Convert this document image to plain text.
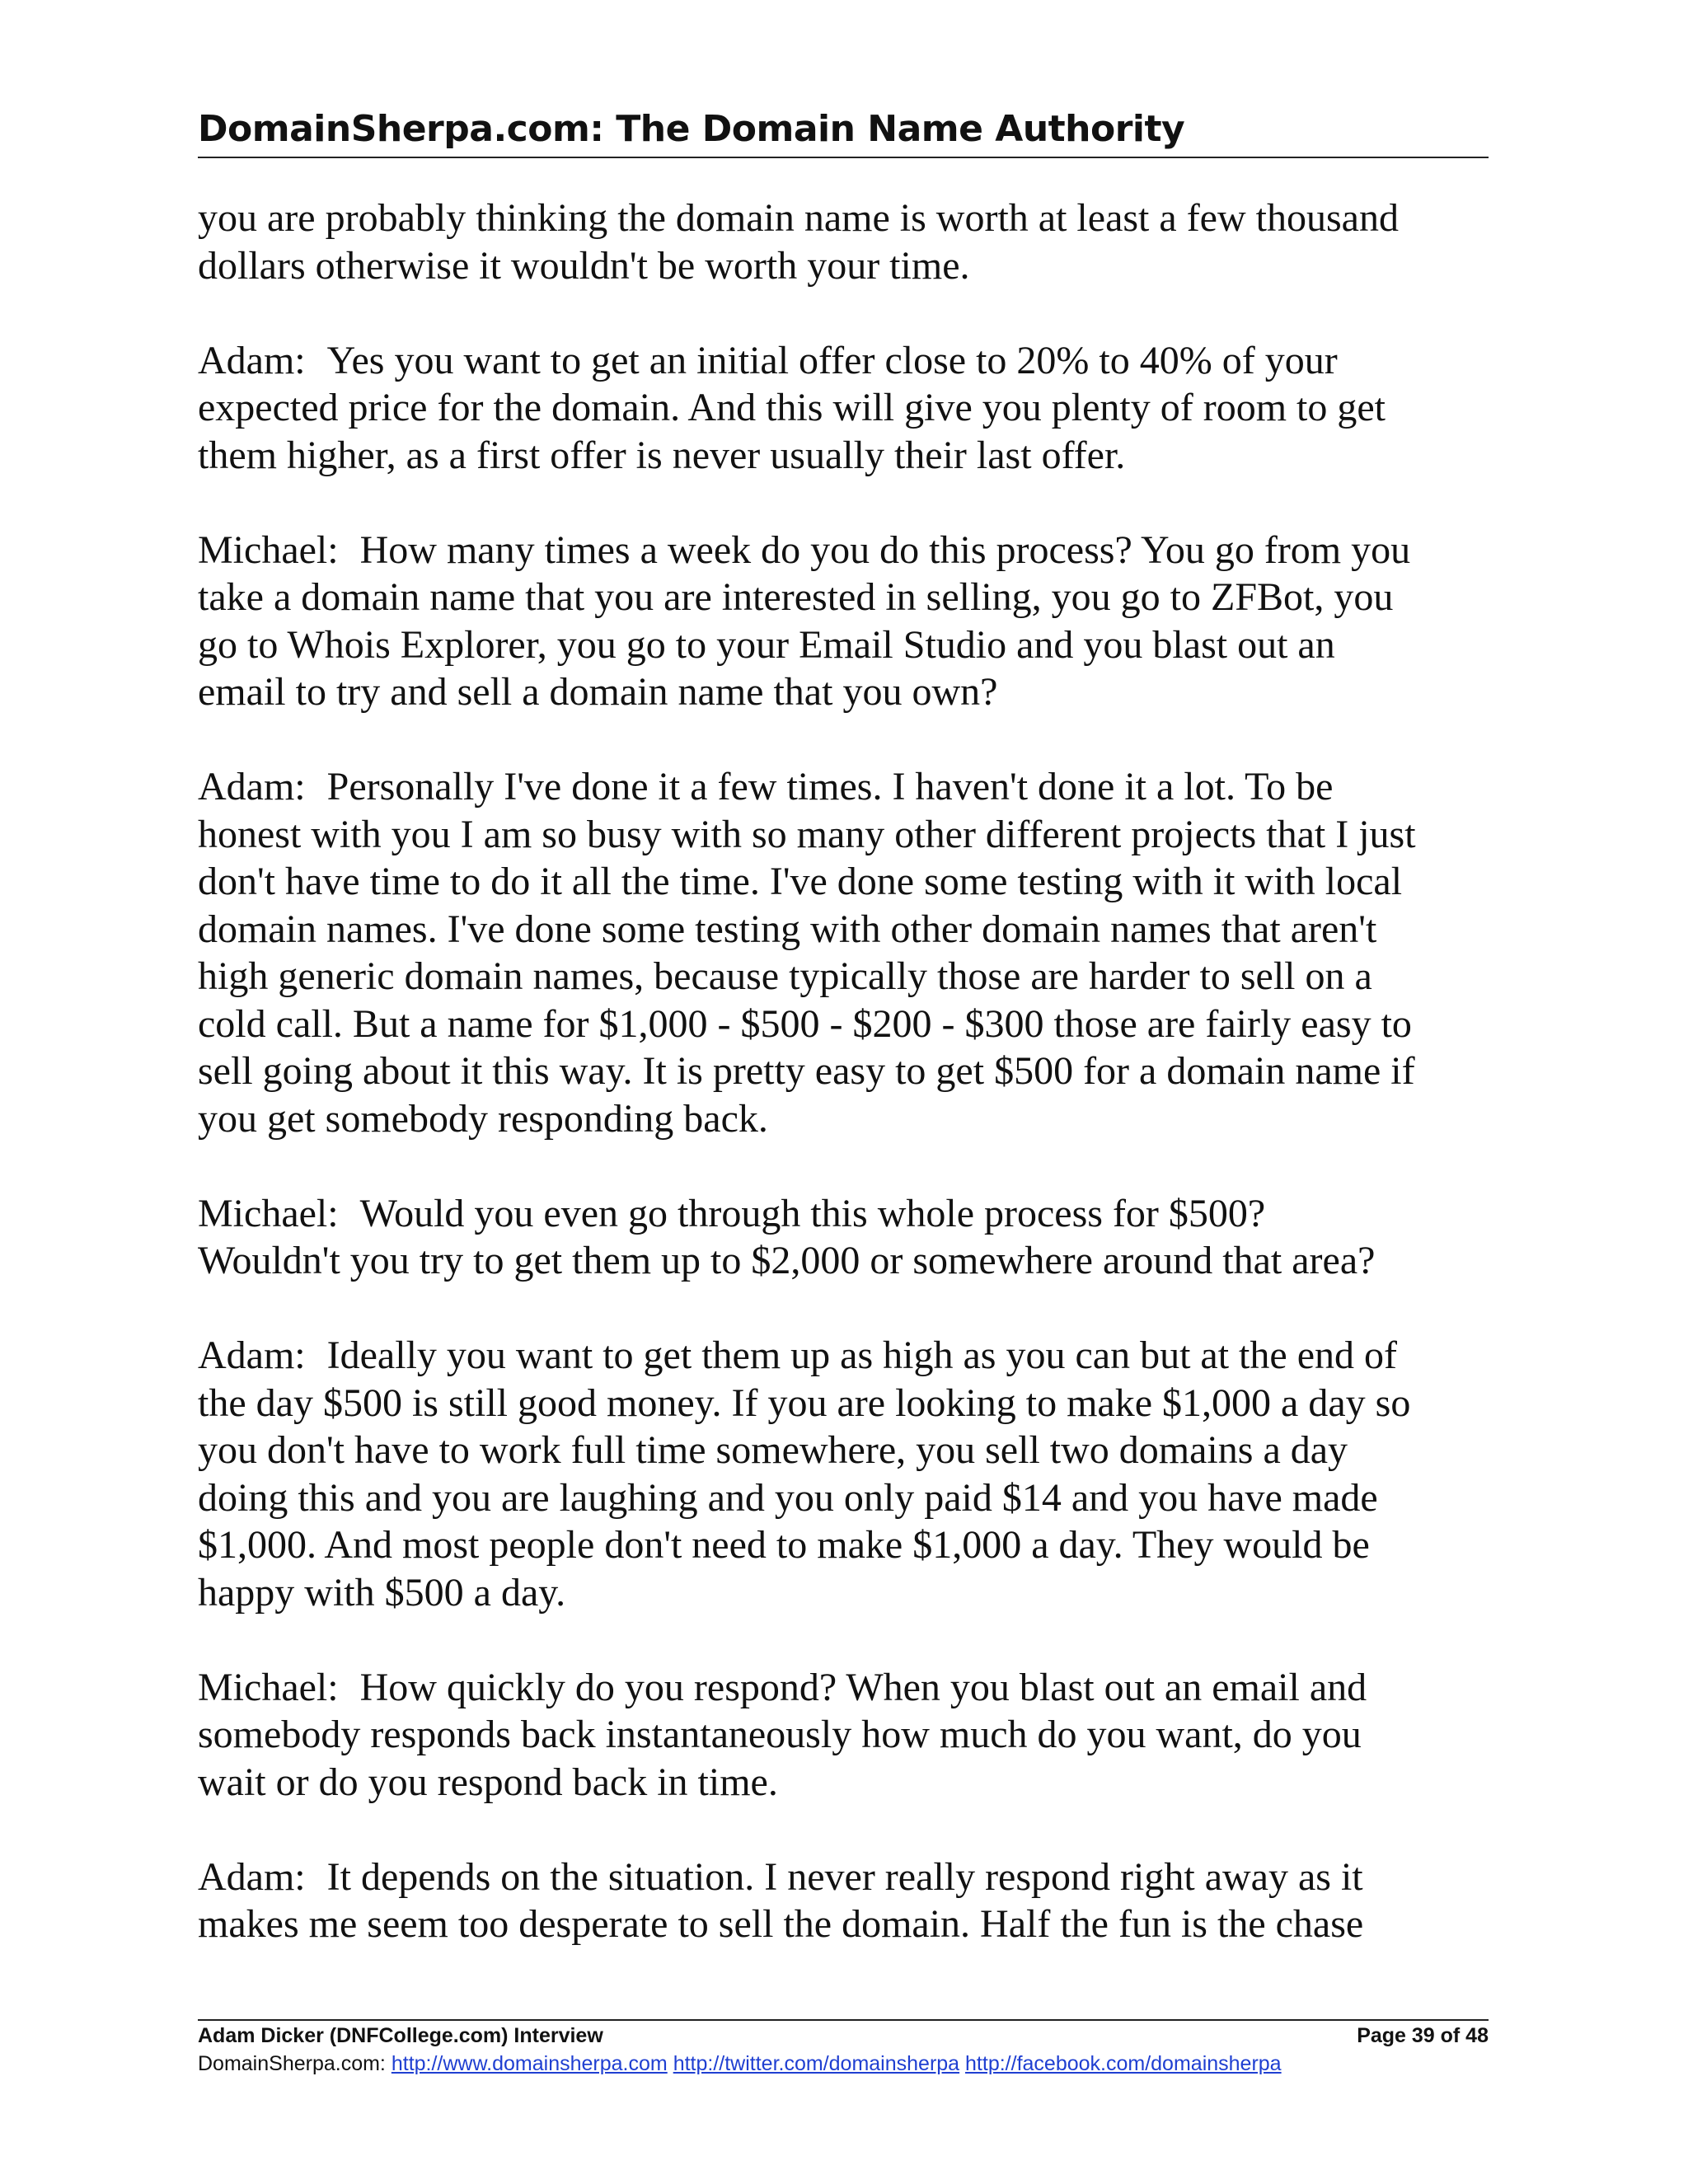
DomainSherpa.com: The Domain Name Authority

you are probably thinking the domain name is worth at least a few thousand
dollars otherwise it wouldn't be worth your time.

Adam: Yes you want to get an initial offer close to 20% to 40% of your
expected price for the domain. And this will give you plenty of room to get
them higher, as a first offer is never usually their last offer.

Michael: How many times a week do you do this process? You go from you
take a domain name that you are interested in selling, you go to ZFBot, you
go to Whois Explorer, you go to your Email Studio and you blast out an
email to try and sell a domain name that you own?

Adam: Personally I've done it a few times. I haven't done it a lot. To be
honest with you I am so busy with so many other different projects that I just
don't have time to do it all the time. I've done some testing with it with local
domain names. I've done some testing with other domain names that aren't
high generic domain names, because typically those are harder to sell on a
cold call. But a name for $1,000 - $500 - $200 - $300 those are fairly easy to
sell going about it this way. It is pretty easy to get $500 for a domain name if
you get somebody responding back.

Michael: Would you even go through this whole process for $500?
Wouldn't you try to get them up to $2,000 or somewhere around that area?

Adam: Ideally you want to get them up as high as you can but at the end of
the day $500 is still good money. If you are looking to make $1,000 a day so
you don't have to work full time somewhere, you sell two domains a day
doing this and you are laughing and you only paid $14 and you have made
$1,000. And most people don't need to make $1,000 a day. They would be
happy with $500 a day.

Michael: How quickly do you respond? When you blast out an email and
somebody responds back instantaneously how much do you want, do you
wait or do you respond back in time.

Adam: It depends on the situation. I never really respond right away as it
makes me seem too desperate to sell the domain. Half the fun is the chase

Adam Dicker (DNFCollege.com) Interview	Page 39 of 48
DomainSherpa.com: http://www.domainsherpa.com http://twitter.com/domainsherpa http://facebook.com/domainsherpa
